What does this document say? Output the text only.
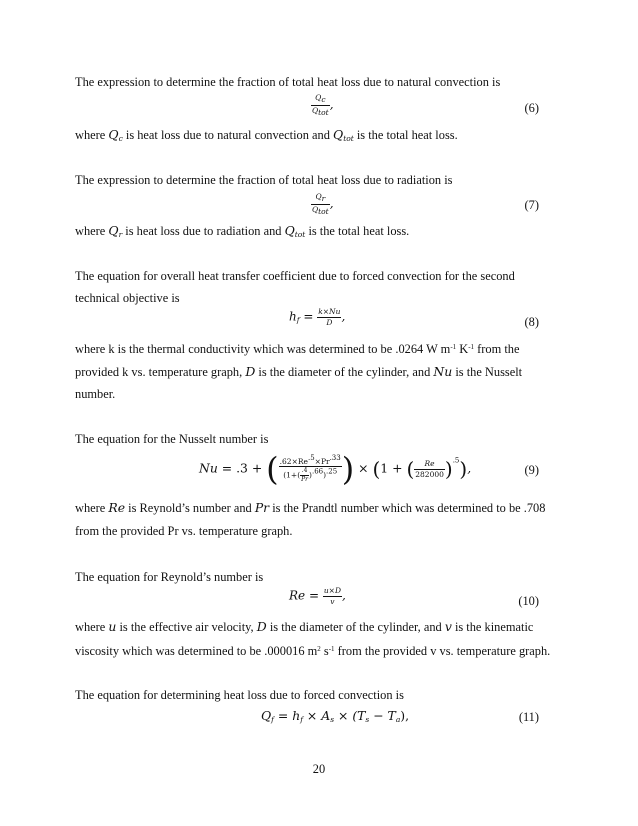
The expression to determine the fraction of total heat loss due to natural convection is
$\frac{Q_c}{Q_{tot}}$ ,	(6)
where $Q_c$ is heat loss due to natural convection and $Q_{tot}$ is the total heat loss.
The expression to determine the fraction of total heat loss due to radiation is
$\frac{Q_r}{Q_{tot}}$ ,	(7)
where $Q_r$ is heat loss due to radiation and $Q_{tot}$ is the total heat loss.
The equation for overall heat transfer coefficient due to forced convection for the second
technical objective is
$h_f = \frac{k\times Nu}{D}$ ,	(8)
where k is the thermal conductivity which was determined to be .0264 W $m^{-1}$ $K^{-1}$ from the
provided k vs. temperature graph, D is the diameter of the cylinder, and Nu is the Nusselt
number.
The equation for the Nusselt number is
Nu = .3 + ( $\frac{.62\times Re^{.5}\times Pr^{.33}}{(1+( \frac{.4}{Pr} )^{.66})^{.25}}$ ) × (1 + ( $\frac{Re}{282000} )^{.5}$),	(9)
where Re is Reynold’s number and Pr is the Prandtl number which was determined to be .708
from the provided Pr vs. temperature graph.
The equation for Reynold’s number is
$Re = \frac{u\times D}{v}$ ,	(10)
where u is the effective air velocity, D is the diameter of the cylinder, and v is the kinematic
viscosity which was determined to be .000016 $m^2$ $s^{-1}$ from the provided v vs. temperature graph.
The equation for determining heat loss due to forced convection is
$Q_f = h_f \times A_s \times (T_s - T_a)$,	(11)
20
